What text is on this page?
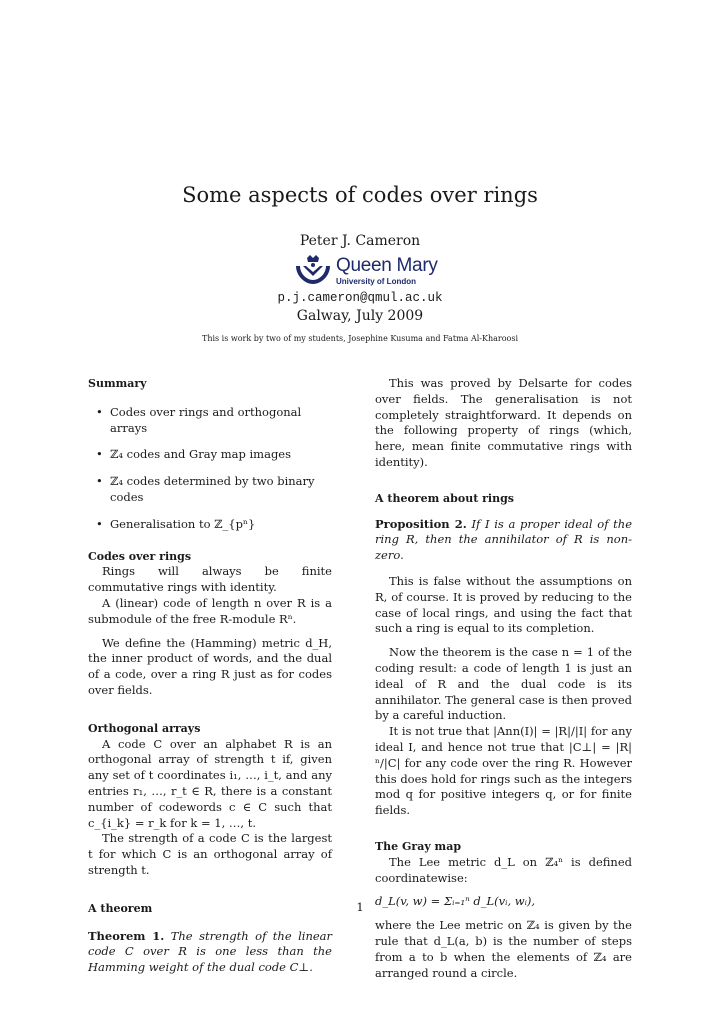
Some aspects of codes over rings
Peter J. Cameron
Queen Mary
University of London
p.j.cameron@qmul.ac.uk
Galway, July 2009
This is work by two of my students, Josephine Kusuma and Fatma Al-Kharoosi

Summary

• Codes over rings and orthogonal arrays
• ℤ₄ codes and Gray map images
• ℤ₄ codes determined by two binary codes
• Generalisation to ℤ_{pⁿ}

Codes over rings

Rings will always be finite commutative rings with identity.

A (linear) code of length n over R is a submodule of the free R-module Rⁿ.

We define the (Hamming) metric d_H, the inner product of words, and the dual of a code, over a ring R just as for codes over fields.

Orthogonal arrays

A code C over an alphabet R is an orthogonal array of strength t if, given any set of t coordinates i₁, …, i_t, and any entries r₁, …, r_t ∈ R, there is a constant number of codewords c ∈ C such that c_{i_k} = r_k for k = 1, …, t.

The strength of a code C is the largest t for which C is an orthogonal array of strength t.

A theorem

Theorem 1. The strength of the linear code C over R is one less than the Hamming weight of the dual code C⊥.

This was proved by Delsarte for codes over fields. The generalisation is not completely straightforward. It depends on the following property of rings (which, here, mean finite commutative rings with identity).

A theorem about rings

Proposition 2. If I is a proper ideal of the ring R, then the annihilator of R is non-zero.

This is false without the assumptions on R, of course. It is proved by reducing to the case of local rings, and using the fact that such a ring is equal to its completion.

Now the theorem is the case n = 1 of the coding result: a code of length 1 is just an ideal of R and the dual code is its annihilator. The general case is then proved by a careful induction.

It is not true that |Ann(I)| = |R|/|I| for any ideal I, and hence not true that |C⊥| = |R|ⁿ/|C| for any code over the ring R. However this does hold for rings such as the integers mod q for positive integers q, or for finite fields.

The Gray map

The Lee metric d_L on ℤ₄ⁿ is defined coordinatewise:

d_L(v, w) = Σᵢ₌₁ⁿ d_L(vᵢ, wᵢ),

where the Lee metric on ℤ₄ is given by the rule that d_L(a, b) is the number of steps from a to b when the elements of ℤ₄ are arranged round a circle.

1
